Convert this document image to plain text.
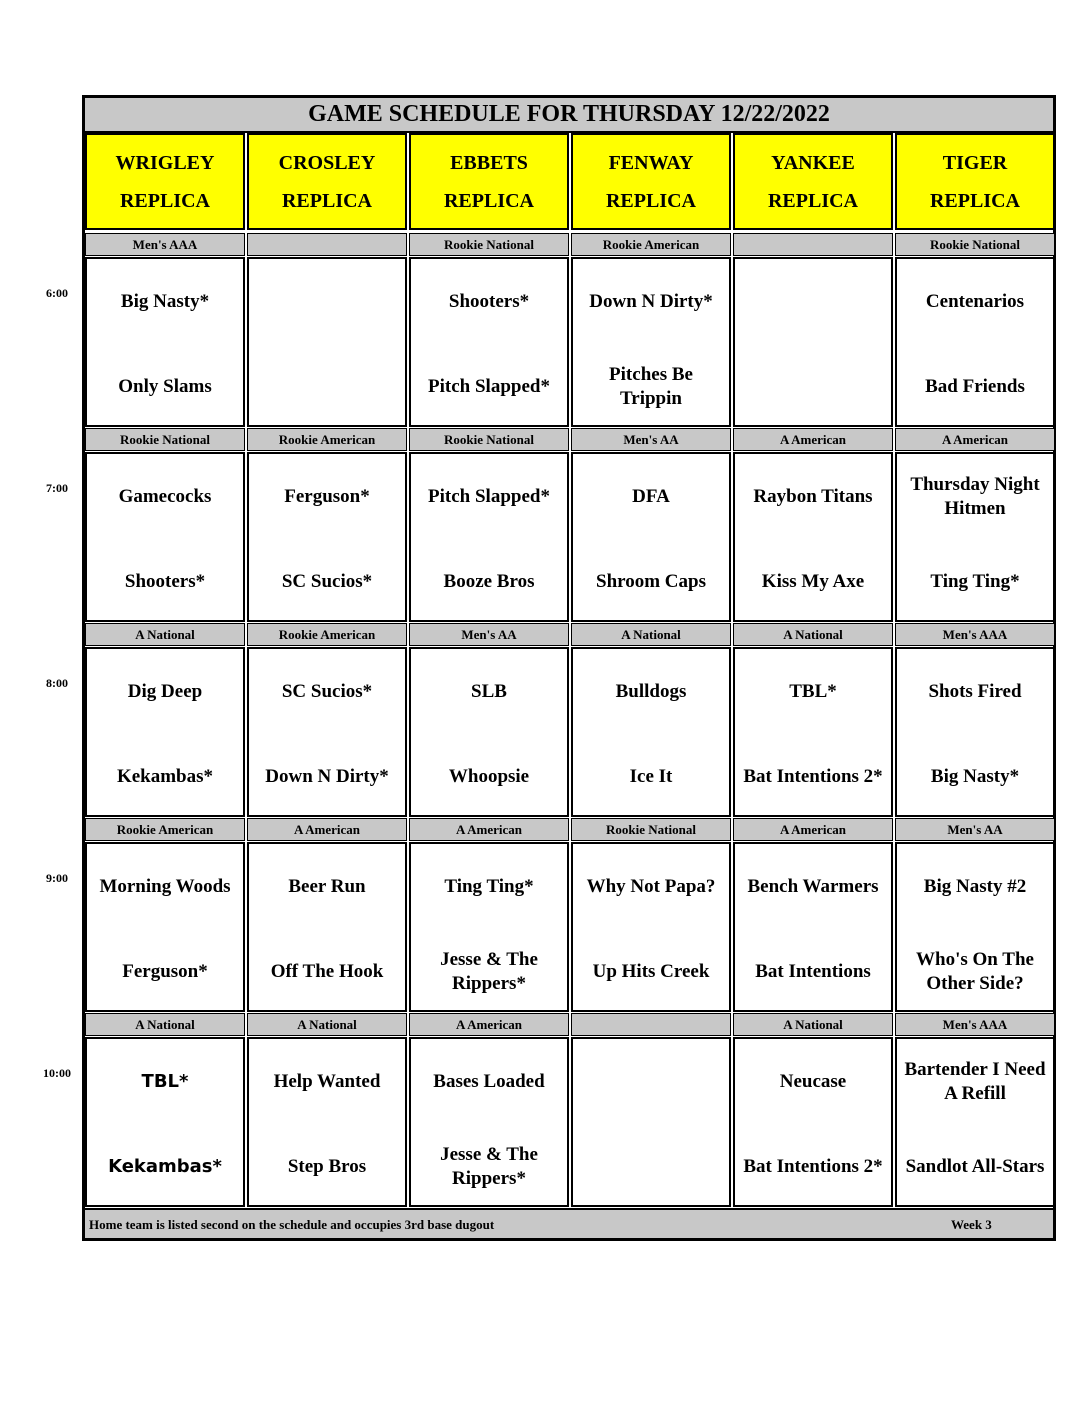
GAME SCHEDULE FOR THURSDAY 12/22/2022
Home team is listed second on the schedule and occupies 3rd base dugout	Week 3
WRIGLEY
REPLICA
CROSLEY
REPLICA
EBBETS
REPLICA
FENWAY
REPLICA
YANKEE
REPLICA
TIGER
REPLICA
Men's AAA
Big Nasty*
Only Slams
Rookie National
Shooters*
Pitch Slapped*
Rookie American
Down N Dirty*
Pitches Be Trippin
Rookie National
Centenarios
Bad Friends
Rookie National
Gamecocks
Shooters*
Rookie American
Ferguson*
SC Sucios*
Rookie National
Pitch Slapped*
Booze Bros
Men's AA
DFA
Shroom Caps
A American
Raybon Titans
Kiss My Axe
A American
Thursday Night Hitmen
Ting Ting*
A National
Dig Deep
Kekambas*
Rookie American
SC Sucios*
Down N Dirty*
Men's AA
SLB
Whoopsie
A National
Bulldogs
Ice It
A National
TBL*
Bat Intentions 2*
Men's AAA
Shots Fired
Big Nasty*
Rookie American
Morning Woods
Ferguson*
A American
Beer Run
Off The Hook
A American
Ting Ting*
Jesse & The Rippers*
Rookie National
Why Not Papa?
Up Hits Creek
A American
Bench Warmers
Bat Intentions
Men's AA
Big Nasty #2
Who's On The Other Side?
A National
TBL*
Kekambas*
A National
Help Wanted
Step Bros
A American
Bases Loaded
Jesse & The Rippers*
A National
Neucase
Bat Intentions 2*
Men's AAA
Bartender I Need A Refill
Sandlot All-Stars
6:00
7:00
8:00
9:00
10:00
